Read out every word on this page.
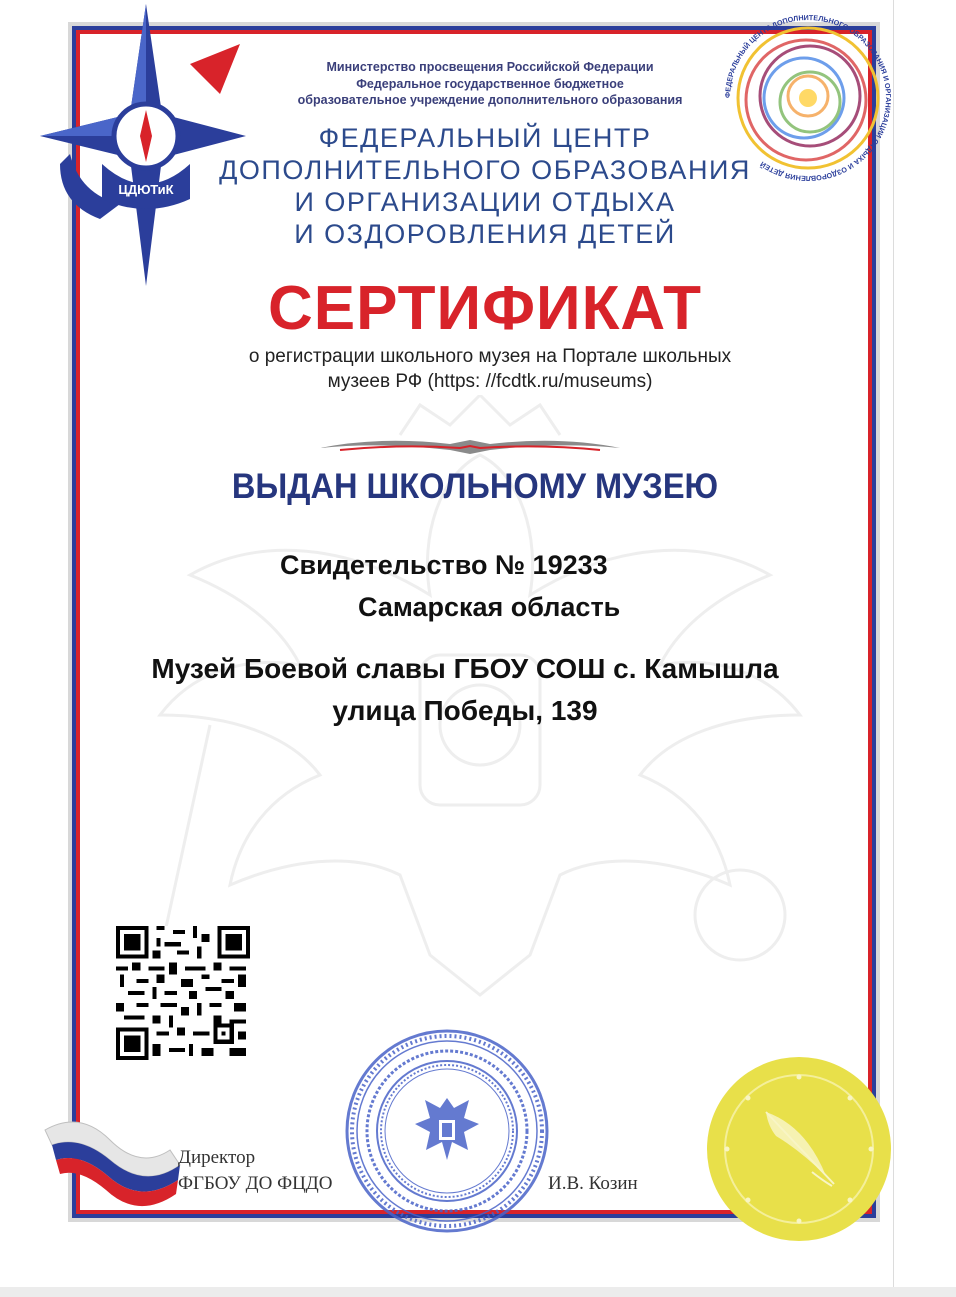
ЦДЮТиК
ФЕДЕРАЛЬНЫЙ ЦЕНТР ДОПОЛНИТЕЛЬНОГО ОБРАЗОВАНИЯ И ОРГАНИЗАЦИИ ОТДЫХА И ОЗДОРОВЛЕНИЯ ДЕТЕЙ
Министерство просвещения Российской Федерации
Федеральное государственное бюджетное
образовательное учреждение дополнительного образования
ФЕДЕРАЛЬНЫЙ ЦЕНТР
ДОПОЛНИТЕЛЬНОГО ОБРАЗОВАНИЯ
И ОРГАНИЗАЦИИ ОТДЫХА
И ОЗДОРОВЛЕНИЯ ДЕТЕЙ
СЕРТИФИКАТ
о регистрации школьного музея на Портале школьных
музеев РФ (https: //fcdtk.ru/museums)
ВЫДАН ШКОЛЬНОМУ МУЗЕЮ
Свидетельство № 19233
Самарская область
Музей Боевой славы ГБОУ СОШ с. Камышла
улица Победы, 139
Директор
ФГБОУ ДО ФЦДО	И.В. Козин
